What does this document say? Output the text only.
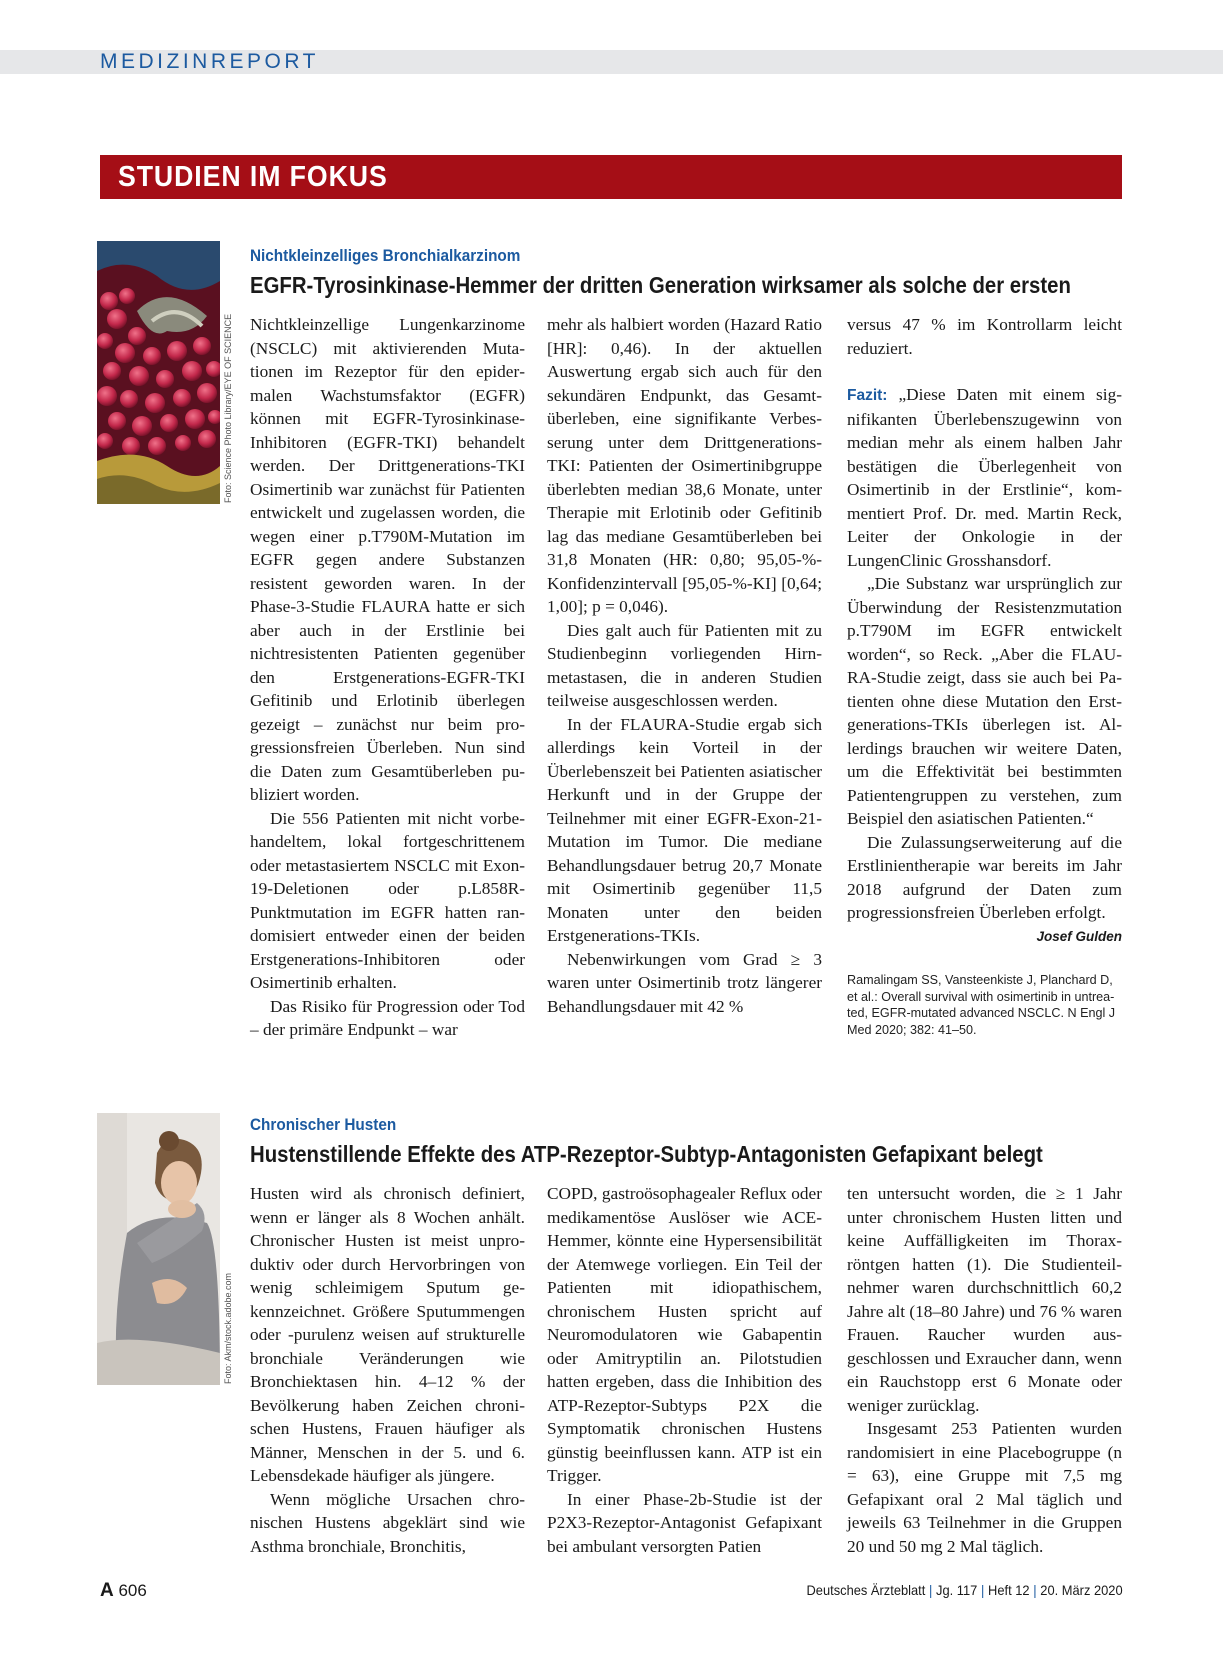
MEDIZINREPORT
STUDIEN IM FOKUS
Foto: Science Photo Library/EYE OF SCIENCE
Nichtkleinzelliges Bronchialkarzinom
EGFR-Tyrosinkinase-Hemmer der dritten Generation wirksamer als solche der ersten

Nichtkleinzellige Lungenkarzinome (NSCLC) mit aktivierenden Mutationen im Rezeptor für den epidermalen Wachstumsfaktor (EGFR) können mit EGFR-Tyrosinkinase-Inhibitoren (EGFR-TKI) behandelt werden. Der Drittgenerations-TKI Osimertinib war zunächst für Patienten entwickelt und zugelassen worden, die wegen einer p.T790M-Mutation im EGFR gegen andere Substanzen resistent geworden waren. In der Phase-3-Studie FLAURA hatte er sich aber auch in der Erstlinie bei nichtresistenten Patienten gegenüber den Erstgenerations-EGFR-TKI Gefitinib und Erlotinib überlegen gezeigt – zunächst nur beim progressionsfreien Überleben. Nun sind die Daten zum Gesamtüberleben publiziert worden.

Die 556 Patienten mit nicht vorbehandeltem, lokal fortgeschrittenem oder metastasiertem NSCLC mit Exon-19-Deletionen oder p.L858R-Punktmutation im EGFR hatten randomisiert entweder einen der beiden Erstgenerations-Inhibitoren oder Osimertinib erhalten.

Das Risiko für Progression oder Tod – der primäre Endpunkt – war

mehr als halbiert worden (Hazard Ratio [HR]: 0,46). In der aktuellen Auswertung ergab sich auch für den sekundären Endpunkt, das Gesamtüberleben, eine signifikante Verbesserung unter dem Drittgenerations-TKI: Patienten der Osimertinibgruppe überlebten median 38,6 Monate, unter Therapie mit Erlotinib oder Gefitinib lag das mediane Gesamtüberleben bei 31,8 Monaten (HR: 0,80; 95,05-%-Konfidenzintervall [95,05-%-KI] [0,64; 1,00]; p = 0,046).

Dies galt auch für Patienten mit zu Studienbeginn vorliegenden Hirnmetastasen, die in anderen Studien teilweise ausgeschlossen werden.

In der FLAURA-Studie ergab sich allerdings kein Vorteil in der Überlebenszeit bei Patienten asiatischer Herkunft und in der Gruppe der Teilnehmer mit einer EGFR-Exon-21-Mutation im Tumor. Die mediane Behandlungsdauer betrug 20,7 Monate mit Osimertinib gegenüber 11,5 Monaten unter den beiden Erstgenerations-TKIs.

Nebenwirkungen vom Grad ≥ 3 waren unter Osimertinib trotz längerer Behandlungsdauer mit 42 %

versus 47 % im Kontrollarm leicht reduziert.

Fazit: „Diese Daten mit einem signifikanten Überlebenszugewinn von median mehr als einem halben Jahr bestätigen die Überlegenheit von Osimertinib in der Erstlinie“, kommentiert Prof. Dr. med. Martin Reck, Leiter der Onkologie in der LungenClinic Grosshansdorf.

„Die Substanz war ursprünglich zur Überwindung der Resistenzmutation p.T790M im EGFR entwickelt worden“, so Reck. „Aber die FLAURA-Studie zeigt, dass sie auch bei Patienten ohne diese Mutation den Erstgenerations-TKIs überlegen ist. Allerdings brauchen wir weitere Daten, um die Effektivität bei bestimmten Patientengruppen zu verstehen, zum Beispiel den asiatischen Patienten.“

Die Zulassungserweiterung auf die Erstlinientherapie war bereits im Jahr 2018 aufgrund der Daten zum progressionsfreien Überleben erfolgt.
Josef Gulden

Ramalingam SS, Vansteenkiste J, Planchard D, et al.: Overall survival with osimertinib in untreated, EGFR-mutated advanced NSCLC. N Engl J Med 2020; 382: 41–50.
Foto: Akm/stock.adobe.com
Chronischer Husten
Hustenstillende Effekte des ATP-Rezeptor-Subtyp-Antagonisten Gefapixant belegt

Husten wird als chronisch definiert, wenn er länger als 8 Wochen anhält. Chronischer Husten ist meist unproduktiv oder durch Hervorbringen von wenig schleimigem Sputum gekennzeichnet. Größere Sputummengen oder -purulenz weisen auf strukturelle bronchiale Veränderungen wie Bronchiektasen hin. 4–12 % der Bevölkerung haben Zeichen chronischen Hustens, Frauen häufiger als Männer, Menschen in der 5. und 6. Lebensdekade häufiger als jüngere.

Wenn mögliche Ursachen chronischen Hustens abgeklärt sind wie Asthma bronchiale, Bronchitis,

COPD, gastroösophagealer Reflux oder medikamentöse Auslöser wie ACE-Hemmer, könnte eine Hypersensibilität der Atemwege vorliegen. Ein Teil der Patienten mit idiopathischem, chronischem Husten spricht auf Neuromodulatoren wie Gabapentin oder Amitryptilin an. Pilotstudien hatten ergeben, dass die Inhibition des ATP-Rezeptor-Subtyps P2X die Symptomatik chronischen Hustens günstig beeinflussen kann. ATP ist ein Trigger.

In einer Phase-2b-Studie ist der P2X3-Rezeptor-Antagonist Gefapixant bei ambulant versorgten Patien

ten untersucht worden, die ≥ 1 Jahr unter chronischem Husten litten und keine Auffälligkeiten im Thoraxröntgen hatten (1). Die Studienteilnehmer waren durchschnittlich 60,2 Jahre alt (18–80 Jahre) und 76 % waren Frauen. Raucher wurden ausgeschlossen und Exraucher dann, wenn ein Rauchstopp erst 6 Monate oder weniger zurücklag.

Insgesamt 253 Patienten wurden randomisiert in eine Placebogruppe (n = 63), eine Gruppe mit 7,5 mg Gefapixant oral 2 Mal täglich und jeweils 63 Teilnehmer in die Gruppen 20 und 50 mg 2 Mal täglich.

A 606	Deutsches Ärzteblatt | Jg. 117 | Heft 12 | 20. März 2020
